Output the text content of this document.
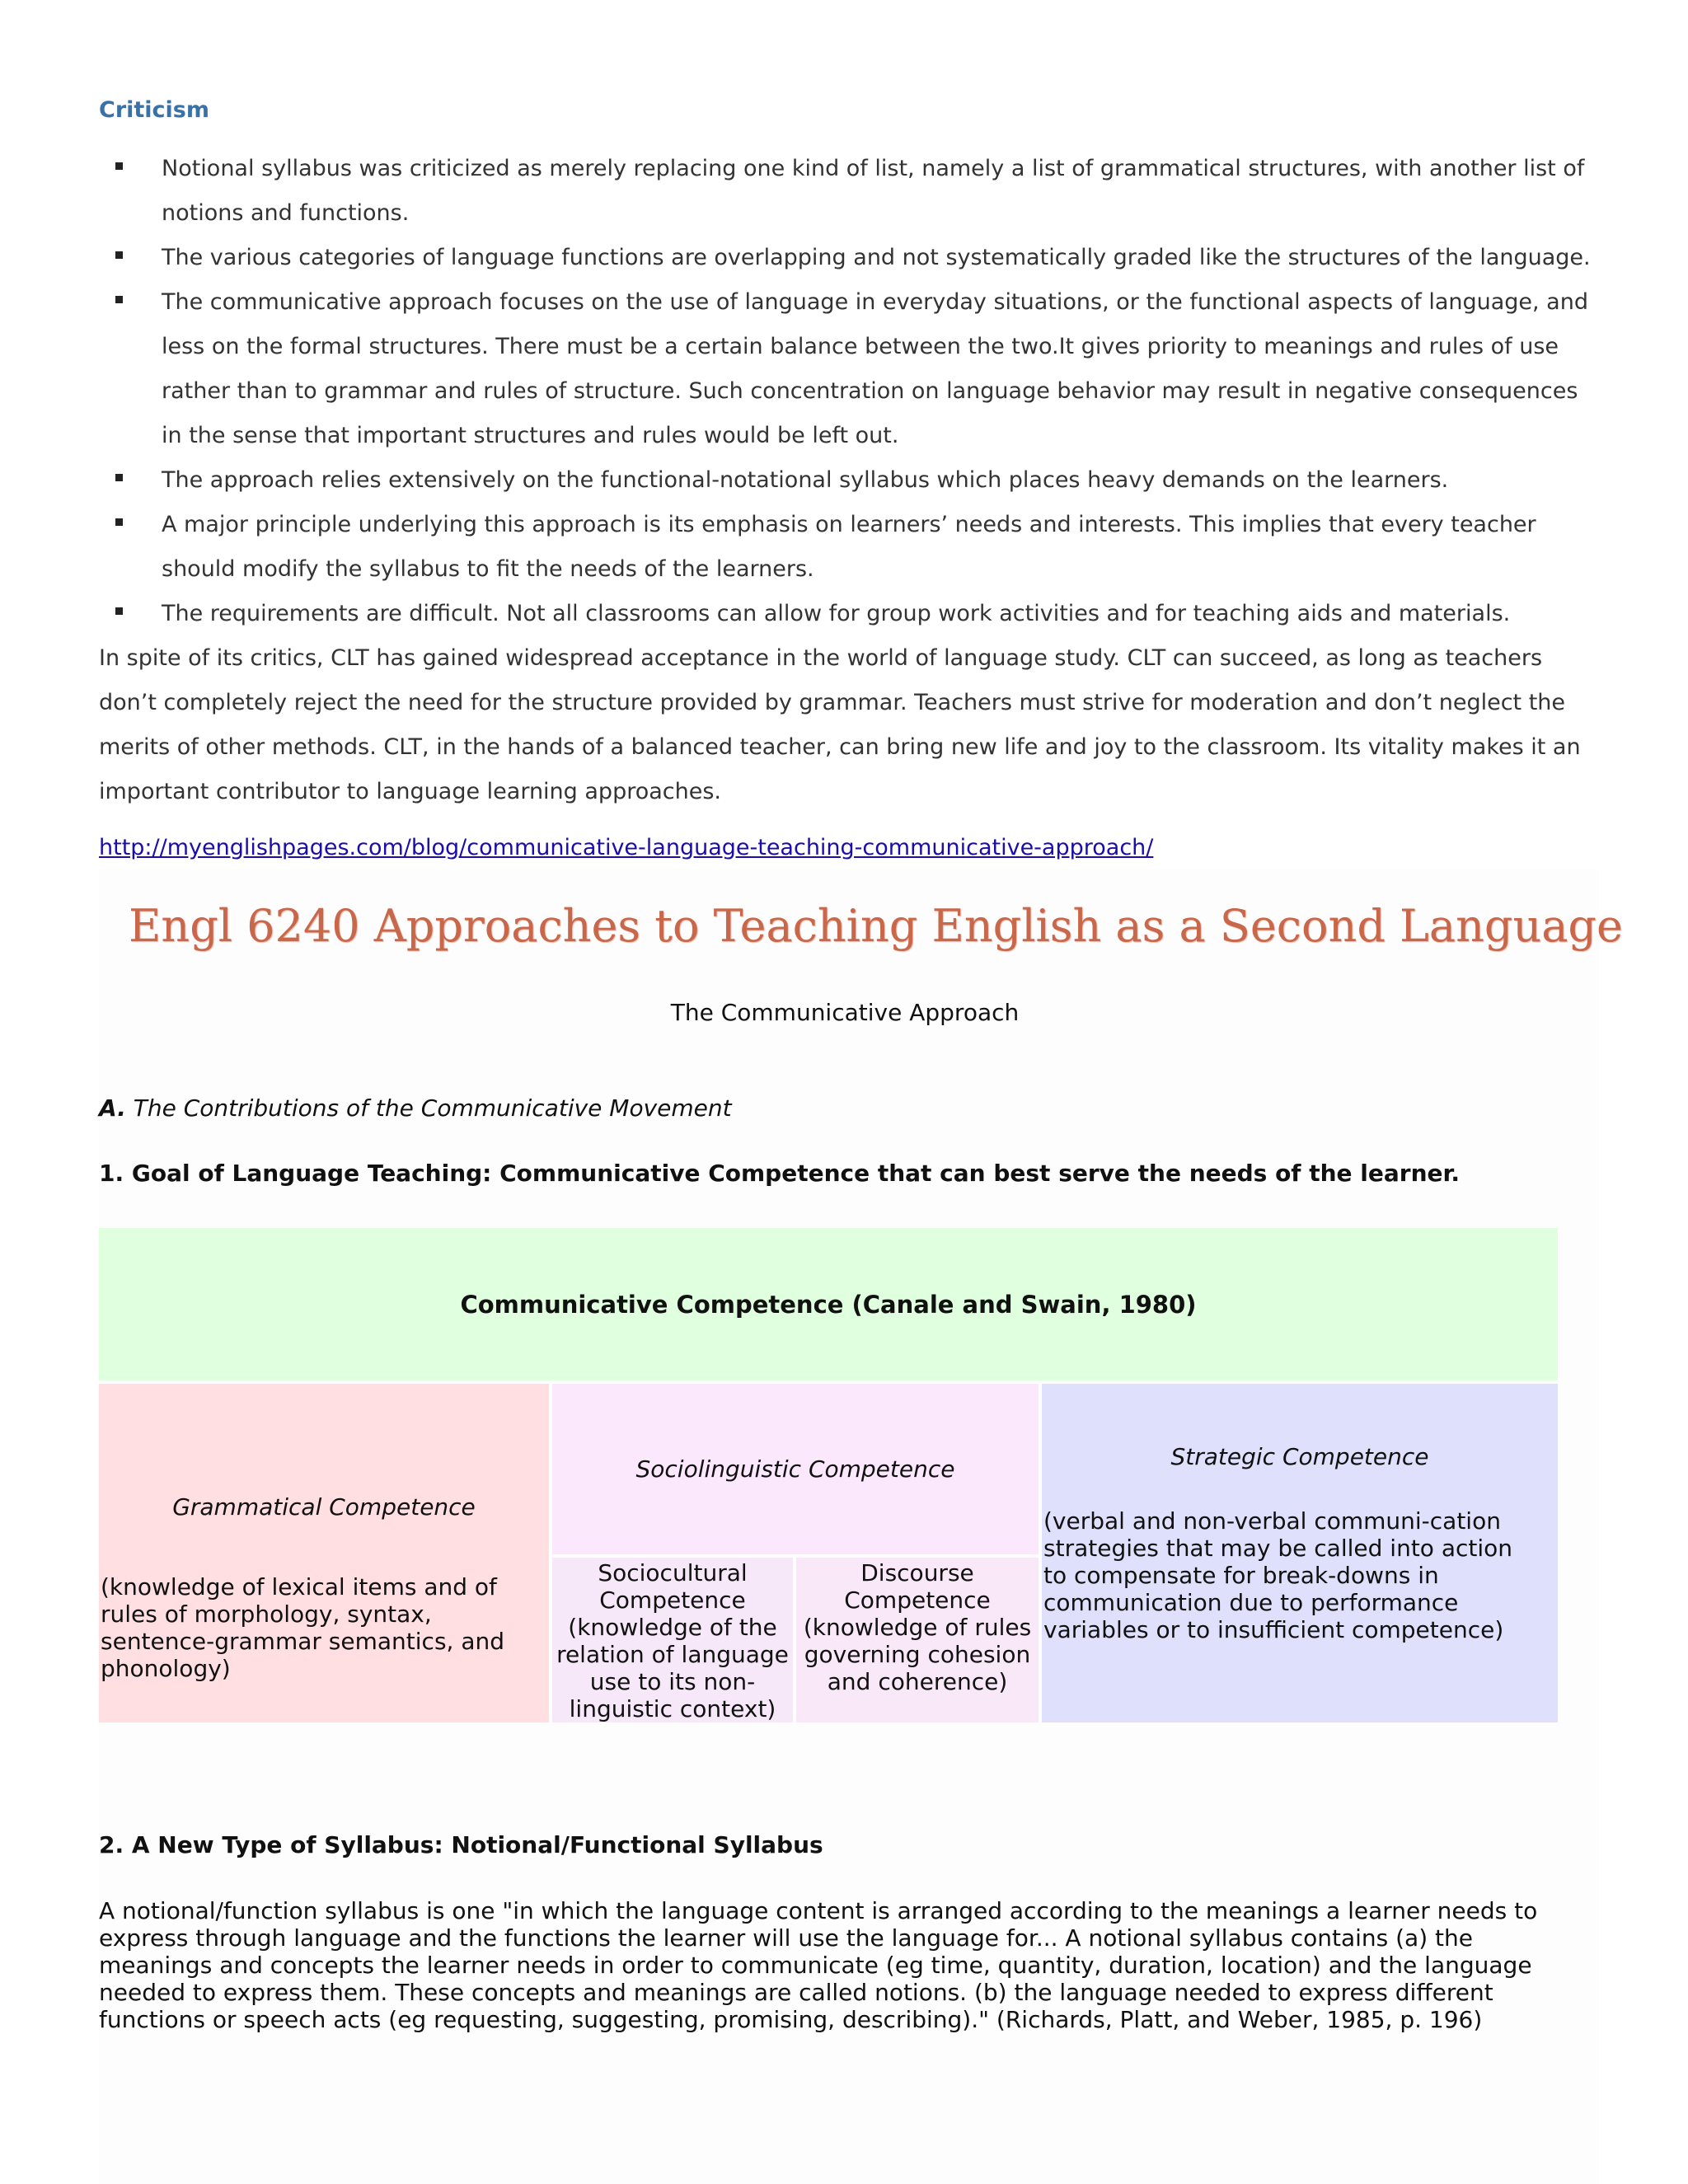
Criticism
Notional syllabus was criticized as merely replacing one kind of list, namely a list of grammatical structures, with another list of notions and functions.
The various categories of language functions are overlapping and not systematically graded like the structures of the language.
The communicative approach focuses on the use of language in everyday situations, or the functional aspects of language, and less on the formal structures. There must be a certain balance between the two.It gives priority to meanings and rules of use rather than to grammar and rules of structure. Such concentration on language behavior may result in negative consequences in the sense that important structures and rules would be left out.
The approach relies extensively on the functional-notational syllabus which places heavy demands on the learners.
A major principle underlying this approach is its emphasis on learners’ needs and interests. This implies that every teacher should modify the syllabus to fit the needs of the learners.
The requirements are difficult. Not all classrooms can allow for group work activities and for teaching aids and materials.

In spite of its critics, CLT has gained widespread acceptance in the world of language study. CLT can succeed, as long as teachers don’t completely reject the need for the structure provided by grammar. Teachers must strive for moderation and don’t neglect the merits of other methods. CLT, in the hands of a balanced teacher, can bring new life and joy to the classroom. Its vitality makes it an important contributor to language learning approaches.

http://myenglishpages.com/blog/communicative-language-teaching-communicative-approach/
Engl 6240 Approaches to Teaching English as a Second Language
The Communicative Approach
A. The Contributions of the Communicative Movement
1. Goal of Language Teaching: Communicative Competence that can best serve the needs of the learner.
Communicative Competence (Canale and Swain, 1980)
Grammatical Competence
(knowledge of lexical items and of rules of morphology, syntax, sentence-grammar semantics, and phonology)
Sociolinguistic Competence
Sociocultural Competence (knowledge of the relation of language use to its non-linguistic context)
Discourse Competence (knowledge of rules governing cohesion and coherence)
Strategic Competence
(verbal and non-verbal communi-cation strategies that may be called into action to compensate for break-downs in communication due to performance variables or to insufficient competence)
2. A New Type of Syllabus: Notional/Functional Syllabus

A notional/function syllabus is one "in which the language content is arranged according to the meanings a learner needs to express through language and the functions the learner will use the language for... A notional syllabus contains (a) the meanings and concepts the learner needs in order to communicate (eg time, quantity, duration, location) and the language needed to express them. These concepts and meanings are called notions. (b) the language needed to express different functions or speech acts (eg requesting, suggesting, promising, describing)." (Richards, Platt, and Weber, 1985, p. 196)
